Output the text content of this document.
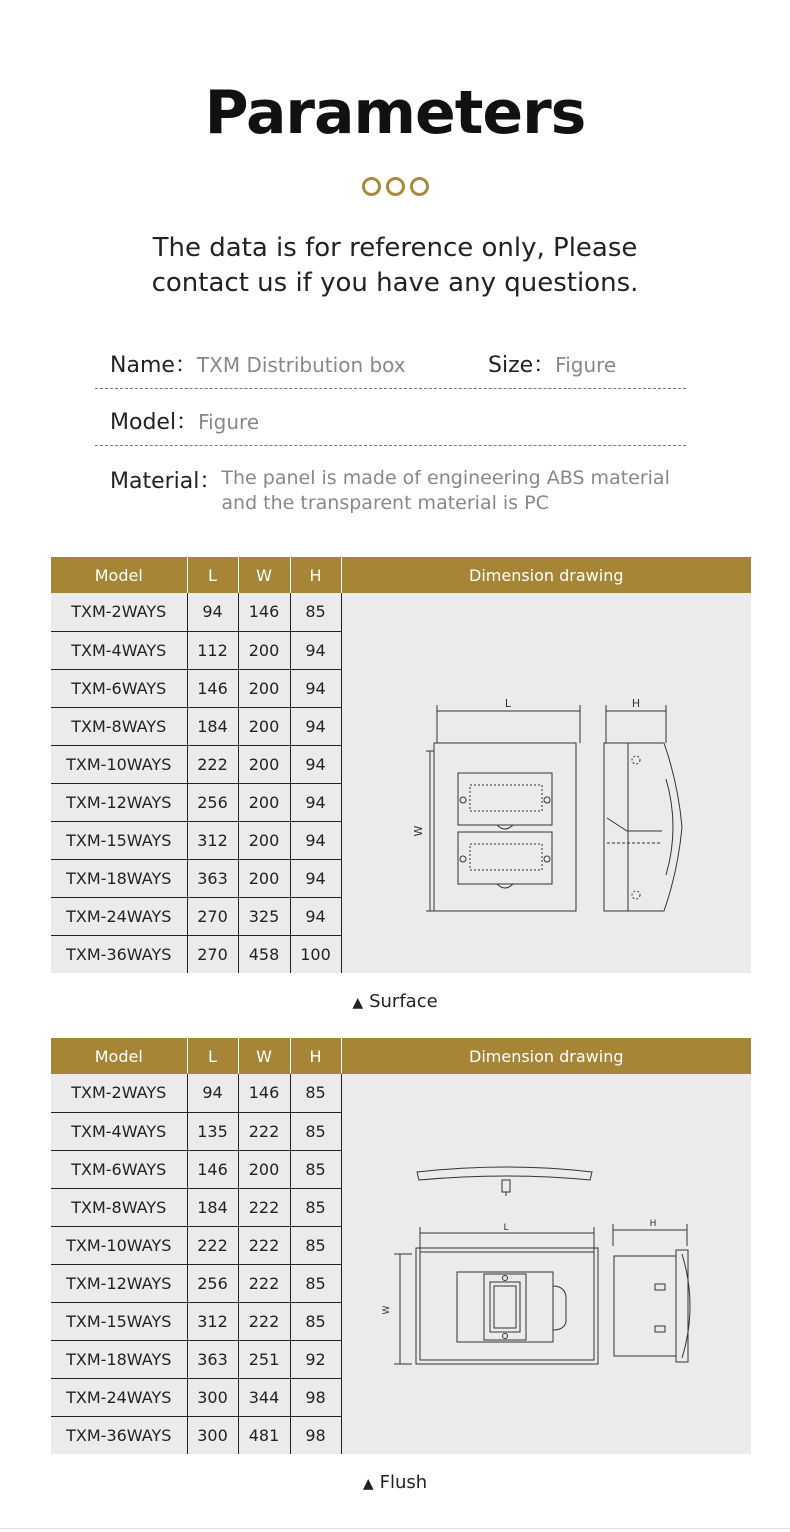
Parameters
The data is for reference only, Please
contact us if you have any questions.
Name：TXM Distribution box	Size：Figure
Model：Figure
Material： The panel is made of engineering ABS material
and the transparent material is PC
Model	L	W	H	Dimension drawing
TXM-2WAYS	94	146	85	L
W
H

TXM-4WAYS	112	200	94	
TXM-6WAYS	146	200	94	
TXM-8WAYS	184	200	94	
TXM-10WAYS	222	200	94	
TXM-12WAYS	256	200	94	
TXM-15WAYS	312	200	94	
TXM-18WAYS	363	200	94	
TXM-24WAYS	270	325	94	
TXM-36WAYS	270	458	100	
▲ Surface
Model	L	W	H	Dimension drawing
TXM-2WAYS	94	146	85	L
W
H

TXM-4WAYS	135	222	85	
TXM-6WAYS	146	200	85	
TXM-8WAYS	184	222	85	
TXM-10WAYS	222	222	85	
TXM-12WAYS	256	222	85	
TXM-15WAYS	312	222	85	
TXM-18WAYS	363	251	92	
TXM-24WAYS	300	344	98	
TXM-36WAYS	300	481	98	
▲ Flush
